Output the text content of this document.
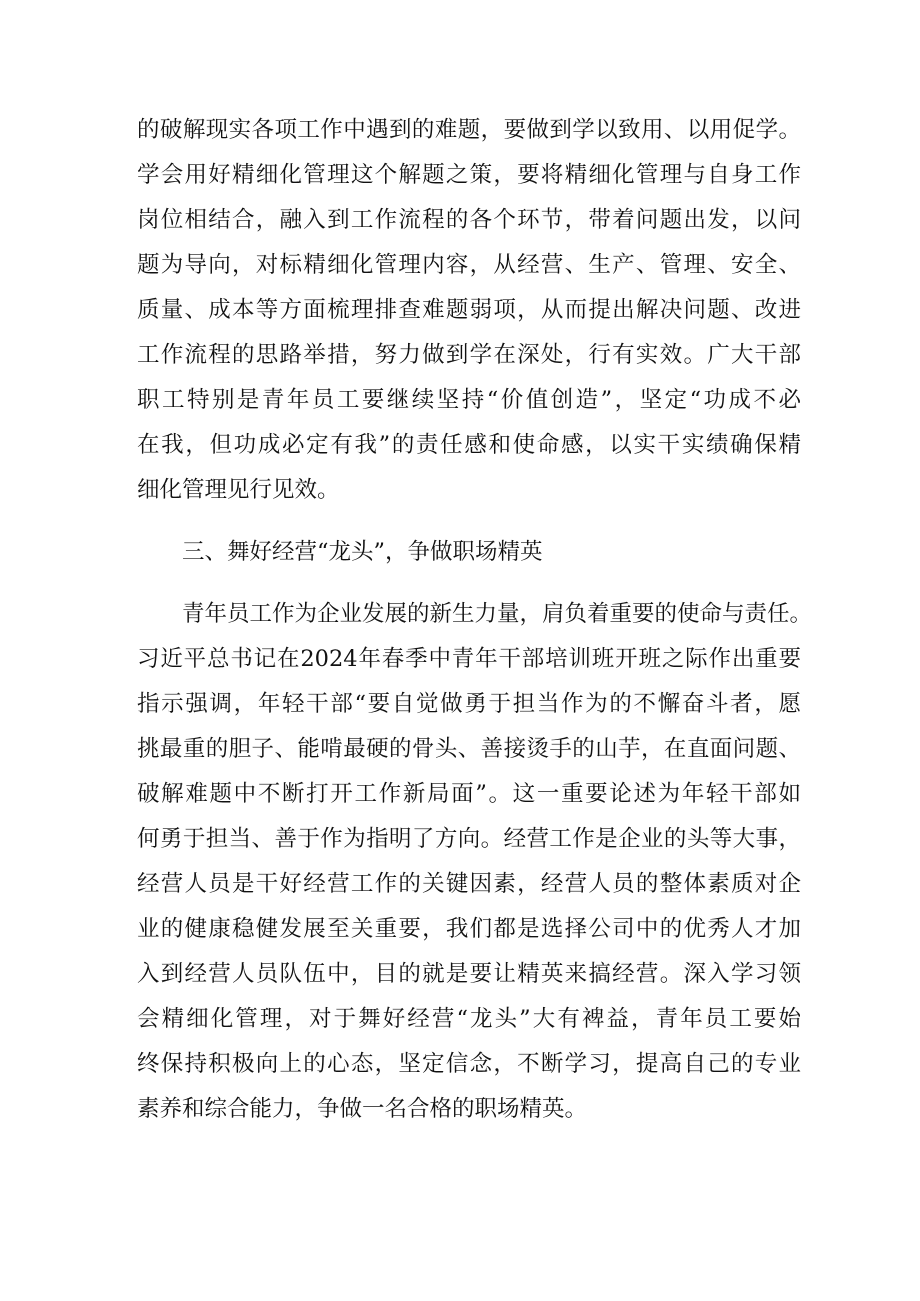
的破解现实各项工作中遇到的难题，要做到学以致用、以用促学。
学会用好精细化管理这个解题之策，要将精细化管理与自身工作
岗位相结合，融入到工作流程的各个环节，带着问题出发，以问
题为导向，对标精细化管理内容，从经营、生产、管理、安全、
质量、成本等方面梳理排查难题弱项，从而提出解决问题、改进
工作流程的思路举措，努力做到学在深处，行有实效。广大干部
职工特别是青年员工要继续坚持“价值创造”，坚定“功成不必
在我，但功成必定有我”的责任感和使命感，以实干实绩确保精
细化管理见行见效。
三、舞好经营“龙头”，争做职场精英
青年员工作为企业发展的新生力量，肩负着重要的使命与责任。
习近平总书记在2024年春季中青年干部培训班开班之际作出重要
指示强调，年轻干部“要自觉做勇于担当作为的不懈奋斗者，愿
挑最重的胆子、能啃最硬的骨头、善接烫手的山芋，在直面问题、
破解难题中不断打开工作新局面”。这一重要论述为年轻干部如
何勇于担当、善于作为指明了方向。经营工作是企业的头等大事，
经营人员是干好经营工作的关键因素，经营人员的整体素质对企
业的健康稳健发展至关重要，我们都是选择公司中的优秀人才加
入到经营人员队伍中，目的就是要让精英来搞经营。深入学习领
会精细化管理，对于舞好经营“龙头”大有裨益，青年员工要始
终保持积极向上的心态，坚定信念，不断学习，提高自己的专业
素养和综合能力，争做一名合格的职场精英。
